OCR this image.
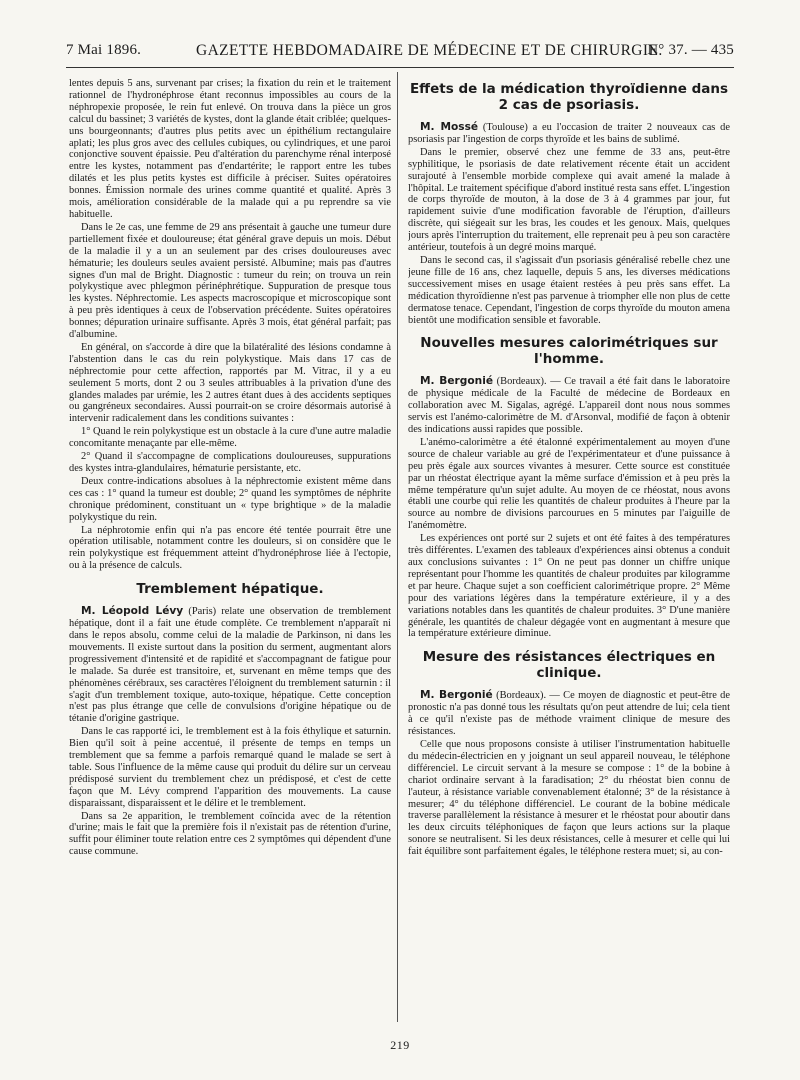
7 Mai 1896.	GAZETTE HEBDOMADAIRE DE MÉDECINE ET DE CHIRURGIE.
N° 37. — 435

lentes depuis 5 ans, survenant par crises; la fixation du rein et le traitement rationnel de l'hydronéphrose étant reconnus impossibles au cours de la néphropexie proposée, le rein fut enlevé. On trouva dans la pièce un gros calcul du bassinet; 3 variétés de kystes, dont la glande était criblée; quelques-uns bourgeonnants; d'autres plus petits avec un épithélium rectangulaire aplati; les plus gros avec des cellules cubiques, ou cylindriques, et une paroi conjonctive souvent épaissie. Peu d'altération du parenchyme rénal interposé entre les kystes, notamment pas d'endartérite; le rapport entre les tubes dilatés et les plus petits kystes est difficile à préciser. Suites opératoires bonnes. Émission normale des urines comme quantité et qualité. Après 3 mois, amélioration considérable de la malade qui a pu reprendre sa vie habituelle.

Dans le 2e cas, une femme de 29 ans présentait à gauche une tumeur dure partiellement fixée et douloureuse; état général grave depuis un mois. Début de la maladie il y a un an seulement par des crises douloureuses avec hématurie; les douleurs seules avaient persisté. Albumine; mais pas d'autres signes d'un mal de Bright. Diagnostic : tumeur du rein; on trouva un rein polykystique avec phlegmon périnéphrétique. Suppuration de presque tous les kystes. Néphrectomie. Les aspects macroscopique et microscopique sont à peu près identiques à ceux de l'observation précédente. Suites opératoires bonnes; dépuration urinaire suffisante. Après 3 mois, état général parfait; pas d'albumine.

En général, on s'accorde à dire que la bilatéralité des lésions condamne à l'abstention dans le cas du rein polykystique. Mais dans 17 cas de néphrectomie pour cette affection, rapportés par M. Vitrac, il y a eu seulement 5 morts, dont 2 ou 3 seules attribuables à la privation d'une des glandes malades par urémie, les 2 autres étant dues à des accidents septiques ou gangréneux secondaires. Aussi pourrait-on se croire désormais autorisé à intervenir radicalement dans les conditions suivantes :

1° Quand le rein polykystique est un obstacle à la cure d'une autre maladie concomitante menaçante par elle-même.

2° Quand il s'accompagne de complications douloureuses, suppurations des kystes intra-glandulaires, hématurie persistante, etc.

Deux contre-indications absolues à la néphrectomie existent même dans ces cas : 1° quand la tumeur est double; 2° quand les symptômes de néphrite chronique prédominent, constituant un « type brightique » de la maladie polykystique du rein.

La néphrotomie enfin qui n'a pas encore été tentée pourrait être une opération utilisable, notamment contre les douleurs, si on considère que le rein polykystique est fréquemment atteint d'hydronéphrose liée à l'ectopie, ou à la présence de calculs.

Tremblement hépatique.

M. Léopold Lévy (Paris) relate une observation de tremblement hépatique, dont il a fait une étude complète. Ce tremblement n'apparaît ni dans le repos absolu, comme celui de la maladie de Parkinson, ni dans les mouvements. Il existe surtout dans la position du serment, augmentant alors progressivement d'intensité et de rapidité et s'accompagnant de fatigue pour le malade. Sa durée est transitoire, et, survenant en même temps que des phénomènes cérébraux, ses caractères l'éloignent du tremblement saturnin : il s'agit d'un tremblement toxique, auto-toxique, hépatique. Cette conception n'est pas plus étrange que celle de convulsions d'origine hépatique ou de tétanie d'origine gastrique.

Dans le cas rapporté ici, le tremblement est à la fois éthylique et saturnin. Bien qu'il soit à peine accentué, il présente de temps en temps un tremblement que sa femme a parfois remarqué quand le malade se sert à table. Sous l'influence de la même cause qui produit du délire sur un cerveau prédisposé survient du tremblement chez un prédisposé, et c'est de cette façon que M. Lévy comprend l'apparition des mouvements. La cause disparaissant, disparaissent et le délire et le tremblement.

Dans sa 2e apparition, le tremblement coïncida avec de la rétention d'urine; mais le fait que la première fois il n'existait pas de rétention d'urine, suffit pour éliminer toute relation entre ces 2 symptômes qui dépendent d'une cause commune.

Effets de la médication thyroïdienne dans 2 cas de psoriasis.

M. Mossé (Toulouse) a eu l'occasion de traiter 2 nouveaux cas de psoriasis par l'ingestion de corps thyroïde et les bains de sublimé.

Dans le premier, observé chez une femme de 33 ans, peut-être syphilitique, le psoriasis de date relativement récente était un accident surajouté à l'ensemble morbide complexe qui avait amené la malade à l'hôpital. Le traitement spécifique d'abord institué resta sans effet. L'ingestion de corps thyroïde de mouton, à la dose de 3 à 4 grammes par jour, fut rapidement suivie d'une modification favorable de l'éruption, d'ailleurs discrète, qui siégeait sur les bras, les coudes et les genoux. Mais, quelques jours après l'interruption du traitement, elle reprenait peu à peu son caractère antérieur, toutefois à un degré moins marqué.

Dans le second cas, il s'agissait d'un psoriasis généralisé rebelle chez une jeune fille de 16 ans, chez laquelle, depuis 5 ans, les diverses médications successivement mises en usage étaient restées à peu près sans effet. La médication thyroïdienne n'est pas parvenue à triompher elle non plus de cette dermatose tenace. Cependant, l'ingestion de corps thyroïde du mouton amena bientôt une modification sensible et favorable.

Nouvelles mesures calorimétriques sur l'homme.

M. Bergonié (Bordeaux). — Ce travail a été fait dans le laboratoire de physique médicale de la Faculté de médecine de Bordeaux en collaboration avec M. Sigalas, agrégé. L'appareil dont nous nous sommes servis est l'anémo-calorimètre de M. d'Arsonval, modifié de façon à obtenir des indications aussi rapides que possible.

L'anémo-calorimètre a été étalonné expérimentalement au moyen d'une source de chaleur variable au gré de l'expérimentateur et d'une puissance à peu près égale aux sources vivantes à mesurer. Cette source est constituée par un rhéostat électrique ayant la même surface d'émission et à peu près la même température qu'un sujet adulte. Au moyen de ce rhéostat, nous avons établi une courbe qui relie les quantités de chaleur produites à l'heure par la source au nombre de divisions parcourues en 5 minutes par l'aiguille de l'anémomètre.

Les expériences ont porté sur 2 sujets et ont été faites à des températures très différentes. L'examen des tableaux d'expériences ainsi obtenus a conduit aux conclusions suivantes : 1° On ne peut pas donner un chiffre unique représentant pour l'homme les quantités de chaleur produites par kilogramme et par heure. Chaque sujet a son coefficient calorimétrique propre. 2° Même pour des variations légères dans la température extérieure, il y a des variations notables dans les quantités de chaleur produites. 3° D'une manière générale, les quantités de chaleur dégagée vont en augmentant à mesure que la température extérieure diminue.

Mesure des résistances électriques en clinique.

M. Bergonié (Bordeaux). — Ce moyen de diagnostic et peut-être de pronostic n'a pas donné tous les résultats qu'on peut attendre de lui; cela tient à ce qu'il n'existe pas de méthode vraiment clinique de mesure des résistances.

Celle que nous proposons consiste à utiliser l'instrumentation habituelle du médecin-électricien en y joignant un seul appareil nouveau, le téléphone différenciel. Le circuit servant à la mesure se compose : 1° de la bobine à chariot ordinaire servant à la faradisation; 2° du rhéostat bien connu de l'auteur, à résistance variable convenablement étalonné; 3° de la résistance à mesurer; 4° du téléphone différenciel. Le courant de la bobine médicale traverse parallèlement la résistance à mesurer et le rhéostat pour aboutir dans les deux circuits téléphoniques de façon que leurs actions sur la plaque sonore se neutralisent. Si les deux résistances, celle à mesurer et celle qui lui fait équilibre sont parfaitement égales, le téléphone restera muet; si, au con-

219
